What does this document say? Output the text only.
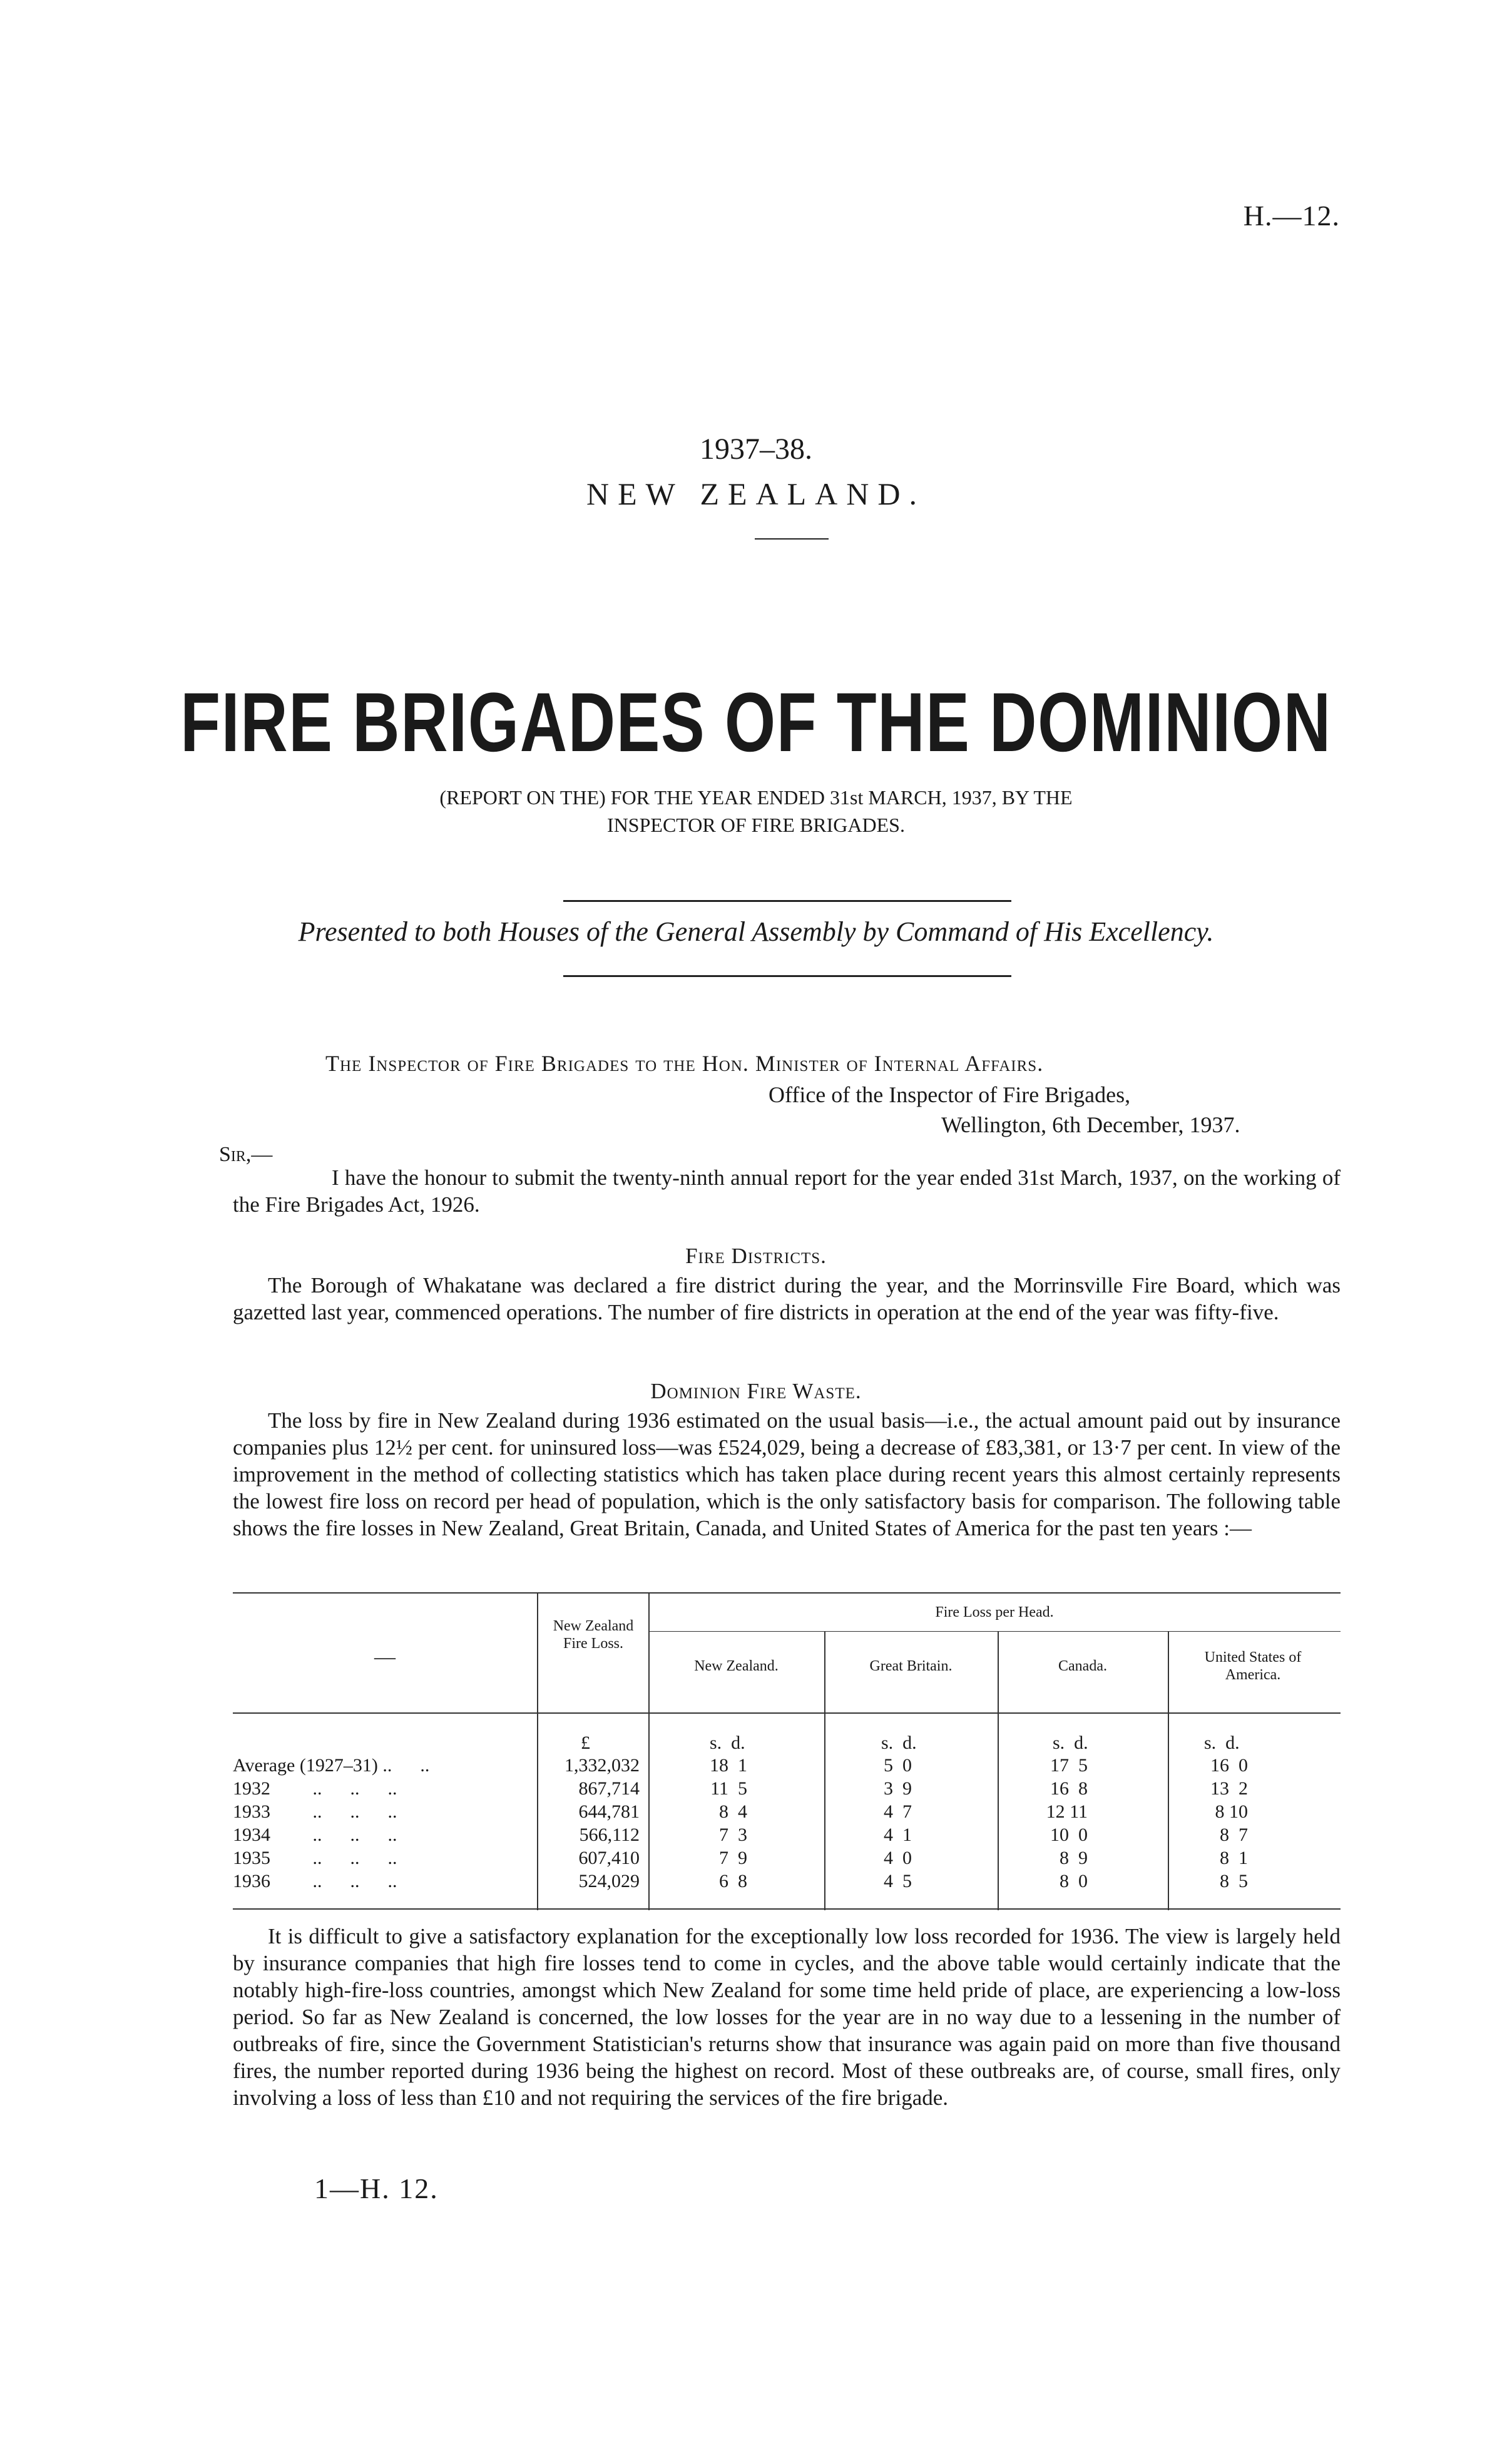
H.—12.
1937–38.
NEW ZEALAND.
FIRE BRIGADES OF THE DOMINION
(REPORT ON THE) FOR THE YEAR ENDED 31st MARCH, 1937, BY THE
INSPECTOR OF FIRE BRIGADES.
Presented to both Houses of the General Assembly by Command of His Excellency.
The Inspector of Fire Brigades to the Hon. Minister of Internal Affairs.
Office of the Inspector of Fire Brigades,
Wellington, 6th December, 1937.
Sir,—

I have the honour to submit the twenty-ninth annual report for the year ended 31st March, 1937, on the working of the Fire Brigades Act, 1926.

Fire Districts.

The Borough of Whakatane was declared a fire district during the year, and the Morrinsville Fire Board, which was gazetted last year, commenced operations. The number of fire districts in operation at the end of the year was fifty-five.

Dominion Fire Waste.

The loss by fire in New Zealand during 1936 estimated on the usual basis—i.e., the actual amount paid out by insurance companies plus 12½ per cent. for uninsured loss—was £524,029, being a decrease of £83,381, or 13·7 per cent. In view of the improvement in the method of collecting statistics which has taken place during recent years this almost certainly represents the lowest fire loss on record per head of population, which is the only satisfactory basis for comparison. The following table shows the fire losses in New Zealand, Great Britain, Canada, and United States of America for the past ten years :—

—
New Zealand Fire Loss.
Fire Loss per Head.
New Zealand.	Great Britain.	Canada.
United States of America.
£	s.  d.	s.  d.	s.  d.	s.  d.
Average (1927–31) ..      ..	1,332,032	18  1	5  0	17  5	16  0
1932         ..      ..      ..	867,714	11  5	3  9	16  8	13  2
1933         ..      ..      ..	644,781	8  4	4  7	12 11	8 10
1934         ..      ..      ..	566,112	7  3	4  1	10  0	8  7
1935         ..      ..      ..	607,410	7  9	4  0	8  9	8  1
1936         ..      ..      ..	524,029	6  8	4  5	8  0	8  5

It is difficult to give a satisfactory explanation for the exceptionally low loss recorded for 1936. The view is largely held by insurance companies that high fire losses tend to come in cycles, and the above table would certainly indicate that the notably high-fire-loss countries, amongst which New Zealand for some time held pride of place, are experiencing a low-loss period. So far as New Zealand is concerned, the low losses for the year are in no way due to a lessening in the number of outbreaks of fire, since the Government Statistician's returns show that insurance was again paid on more than five thousand fires, the number reported during 1936 being the highest on record. Most of these outbreaks are, of course, small fires, only involving a loss of less than £10 and not requiring the services of the fire brigade.

1—H. 12.
